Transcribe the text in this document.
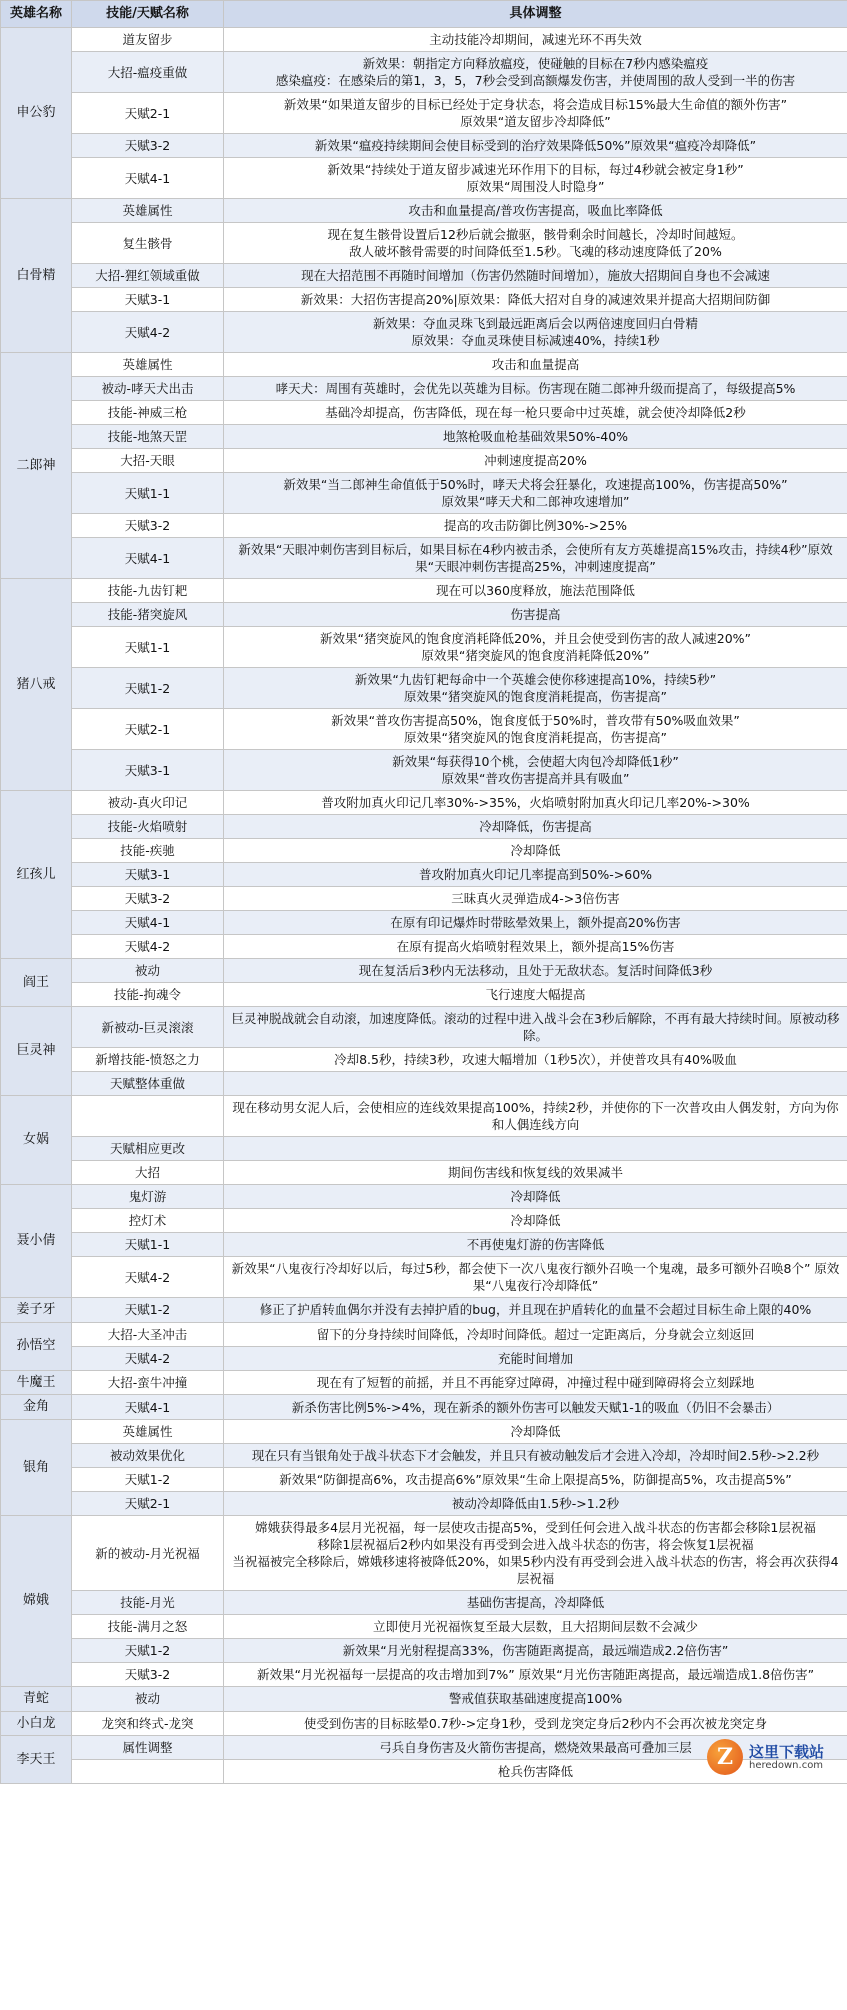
英雄名称	技能/天赋名称	具体调整
申公豹	道友留步	主动技能冷却期间，减速光环不再失效

	大招-瘟疫重做	新效果：朝指定方向释放瘟疫，使碰触的目标在7秒内感染瘟疫
感染瘟疫：在感染后的第1，3，5，7秒会受到高额爆发伤害，并使周围的敌人受到一半的伤害

	天赋2-1	新效果“如果道友留步的目标已经处于定身状态，将会造成目标15%最大生命值的额外伤害”
原效果“道友留步冷却降低”

	天赋3-2	新效果“瘟疫持续期间会使目标受到的治疗效果降低50%”原效果“瘟疫冷却降低”

	天赋4-1	新效果“持续处于道友留步减速光环作用下的目标，每过4秒就会被定身1秒”
原效果“周围没人时隐身”

白骨精	英雄属性	攻击和血量提高/普攻伤害提高，吸血比率降低

	复生骸骨	现在复生骸骨设置后12秒后就会撤驱，骸骨剩余时间越长，冷却时间越短。
敌人破坏骸骨需要的时间降低至1.5秒。飞魂的移动速度降低了20%

	大招-狸红领域重做	现在大招范围不再随时间增加（伤害仍然随时间增加），施放大招期间自身也不会减速

	天赋3-1	新效果：大招伤害提高20%|原效果：降低大招对自身的减速效果并提高大招期间防御

	天赋4-2	新效果：夺血灵珠飞到最远距离后会以两倍速度回归白骨精
原效果：夺血灵珠使目标减速40%，持续1秒

二郎神	英雄属性	攻击和血量提高

	被动-哮天犬出击	哮天犬：周围有英雄时，会优先以英雄为目标。伤害现在随二郎神升级而提高了，每级提高5%

	技能-神威三枪	基础冷却提高，伤害降低，现在每一枪只要命中过英雄，就会使冷却降低2秒

	技能-地煞天罡	地煞枪吸血枪基础效果50%-40%

	大招-天眼	冲刺速度提高20%

	天赋1-1	新效果“当二郎神生命值低于50%时，哮天犬将会狂暴化，攻速提高100%，伤害提高50%”
原效果“哮天犬和二郎神攻速增加”

	天赋3-2	提高的攻击防御比例30%->25%

	天赋4-1	新效果“天眼冲刺伤害到目标后，如果目标在4秒内被击杀，会使所有友方英雄提高15%攻击，持续4秒”原效果“天眼冲刺伤害提高25%，冲刺速度提高”

猪八戒	技能-九齿钉耙	现在可以360度释放，施法范围降低

	技能-猪突旋风	伤害提高

	天赋1-1	新效果“猪突旋风的饱食度消耗降低20%，并且会使受到伤害的敌人减速20%”
原效果“猪突旋风的饱食度消耗降低20%”

	天赋1-2	新效果“九齿钉耙每命中一个英雄会使你移速提高10%，持续5秒”
原效果“猪突旋风的饱食度消耗提高，伤害提高”

	天赋2-1	新效果“普攻伤害提高50%，饱食度低于50%时，普攻带有50%吸血效果”
原效果“猪突旋风的饱食度消耗提高，伤害提高”

	天赋3-1	新效果“每获得10个桃，会使超大肉包冷却降低1秒”
原效果“普攻伤害提高并具有吸血”

红孩儿	被动-真火印记	普攻附加真火印记几率30%->35%，火焰喷射附加真火印记几率20%->30%

	技能-火焰喷射	冷却降低，伤害提高

	技能-疾驰	冷却降低

	天赋3-1	普攻附加真火印记几率提高到50%->60%

	天赋3-2	三昧真火灵弹造成4->3倍伤害

	天赋4-1	在原有印记爆炸时带眩晕效果上，额外提高20%伤害

	天赋4-2	在原有提高火焰喷射程效果上，额外提高15%伤害

阎王	被动	现在复活后3秒内无法移动，且处于无敌状态。复活时间降低3秒

	技能-拘魂令	飞行速度大幅提高

巨灵神	新被动-巨灵滚滚	巨灵神脱战就会自动滚，加速度降低。滚动的过程中进入战斗会在3秒后解除，不再有最大持续时间。原被动移除。

	新增技能-愤怒之力	冷却8.5秒，持续3秒，攻速大幅增加（1秒5次），并使普攻具有40%吸血

	天赋整体重做	

女娲		现在移动男女泥人后，会使相应的连线效果提高100%，持续2秒，并使你的下一次普攻由人偶发射，方向为你和人偶连线方向

	天赋相应更改	

	大招	期间伤害线和恢复线的效果减半

聂小倩	鬼灯游	冷却降低

	控灯术	冷却降低

	天赋1-1	不再使鬼灯游的伤害降低

	天赋4-2	新效果“八鬼夜行冷却好以后，每过5秒，都会使下一次八鬼夜行额外召唤一个鬼魂，最多可额外召唤8个” 原效果“八鬼夜行冷却降低”

姜子牙	天赋1-2	修正了护盾转血偶尔并没有去掉护盾的bug，并且现在护盾转化的血量不会超过目标生命上限的40%

孙悟空	大招-大圣冲击	留下的分身持续时间降低，冷却时间降低。超过一定距离后，分身就会立刻返回

	天赋4-2	充能时间增加

牛魔王	大招-蛮牛冲撞	现在有了短暂的前摇，并且不再能穿过障碍，冲撞过程中碰到障碍将会立刻踩地

金角	天赋4-1	新杀伤害比例5%->4%，现在新杀的额外伤害可以触发天赋1-1的吸血（仍旧不会暴击）

银角	英雄属性	冷却降低

	被动效果优化	现在只有当银角处于战斗状态下才会触发，并且只有被动触发后才会进入冷却，冷却时间2.5秒->2.2秒

	天赋1-2	新效果“防御提高6%，攻击提高6%”原效果“生命上限提高5%，防御提高5%，攻击提高5%”

	天赋2-1	被动冷却降低由1.5秒->1.2秒

嫦娥	新的被动-月光祝福	嫦娥获得最多4层月光祝福，每一层使攻击提高5%，受到任何会进入战斗状态的伤害都会移除1层祝福
移除1层祝福后2秒内如果没有再受到会进入战斗状态的伤害，将会恢复1层祝福
当祝福被完全移除后，嫦娥移速将被降低20%，如果5秒内没有再受到会进入战斗状态的伤害，将会再次获得4层祝福

	技能-月光	基础伤害提高，冷却降低

	技能-满月之怒	立即使月光祝福恢复至最大层数，且大招期间层数不会减少

	天赋1-2	新效果“月光射程提高33%，伤害随距离提高，最远端造成2.2倍伤害”

	天赋3-2	新效果“月光祝福每一层提高的攻击增加到7%” 原效果“月光伤害随距离提高，最远端造成1.8倍伤害”

青蛇	被动	警戒值获取基础速度提高100%

小白龙	龙突和终式-龙突	使受到伤害的目标眩晕0.7秒->定身1秒，受到龙突定身后2秒内不会再次被龙突定身

李天王	属性调整	弓兵自身伤害及火箭伤害提高，燃烧效果最高可叠加三层

		枪兵伤害降低
Z	这里下载站
heredown.com
